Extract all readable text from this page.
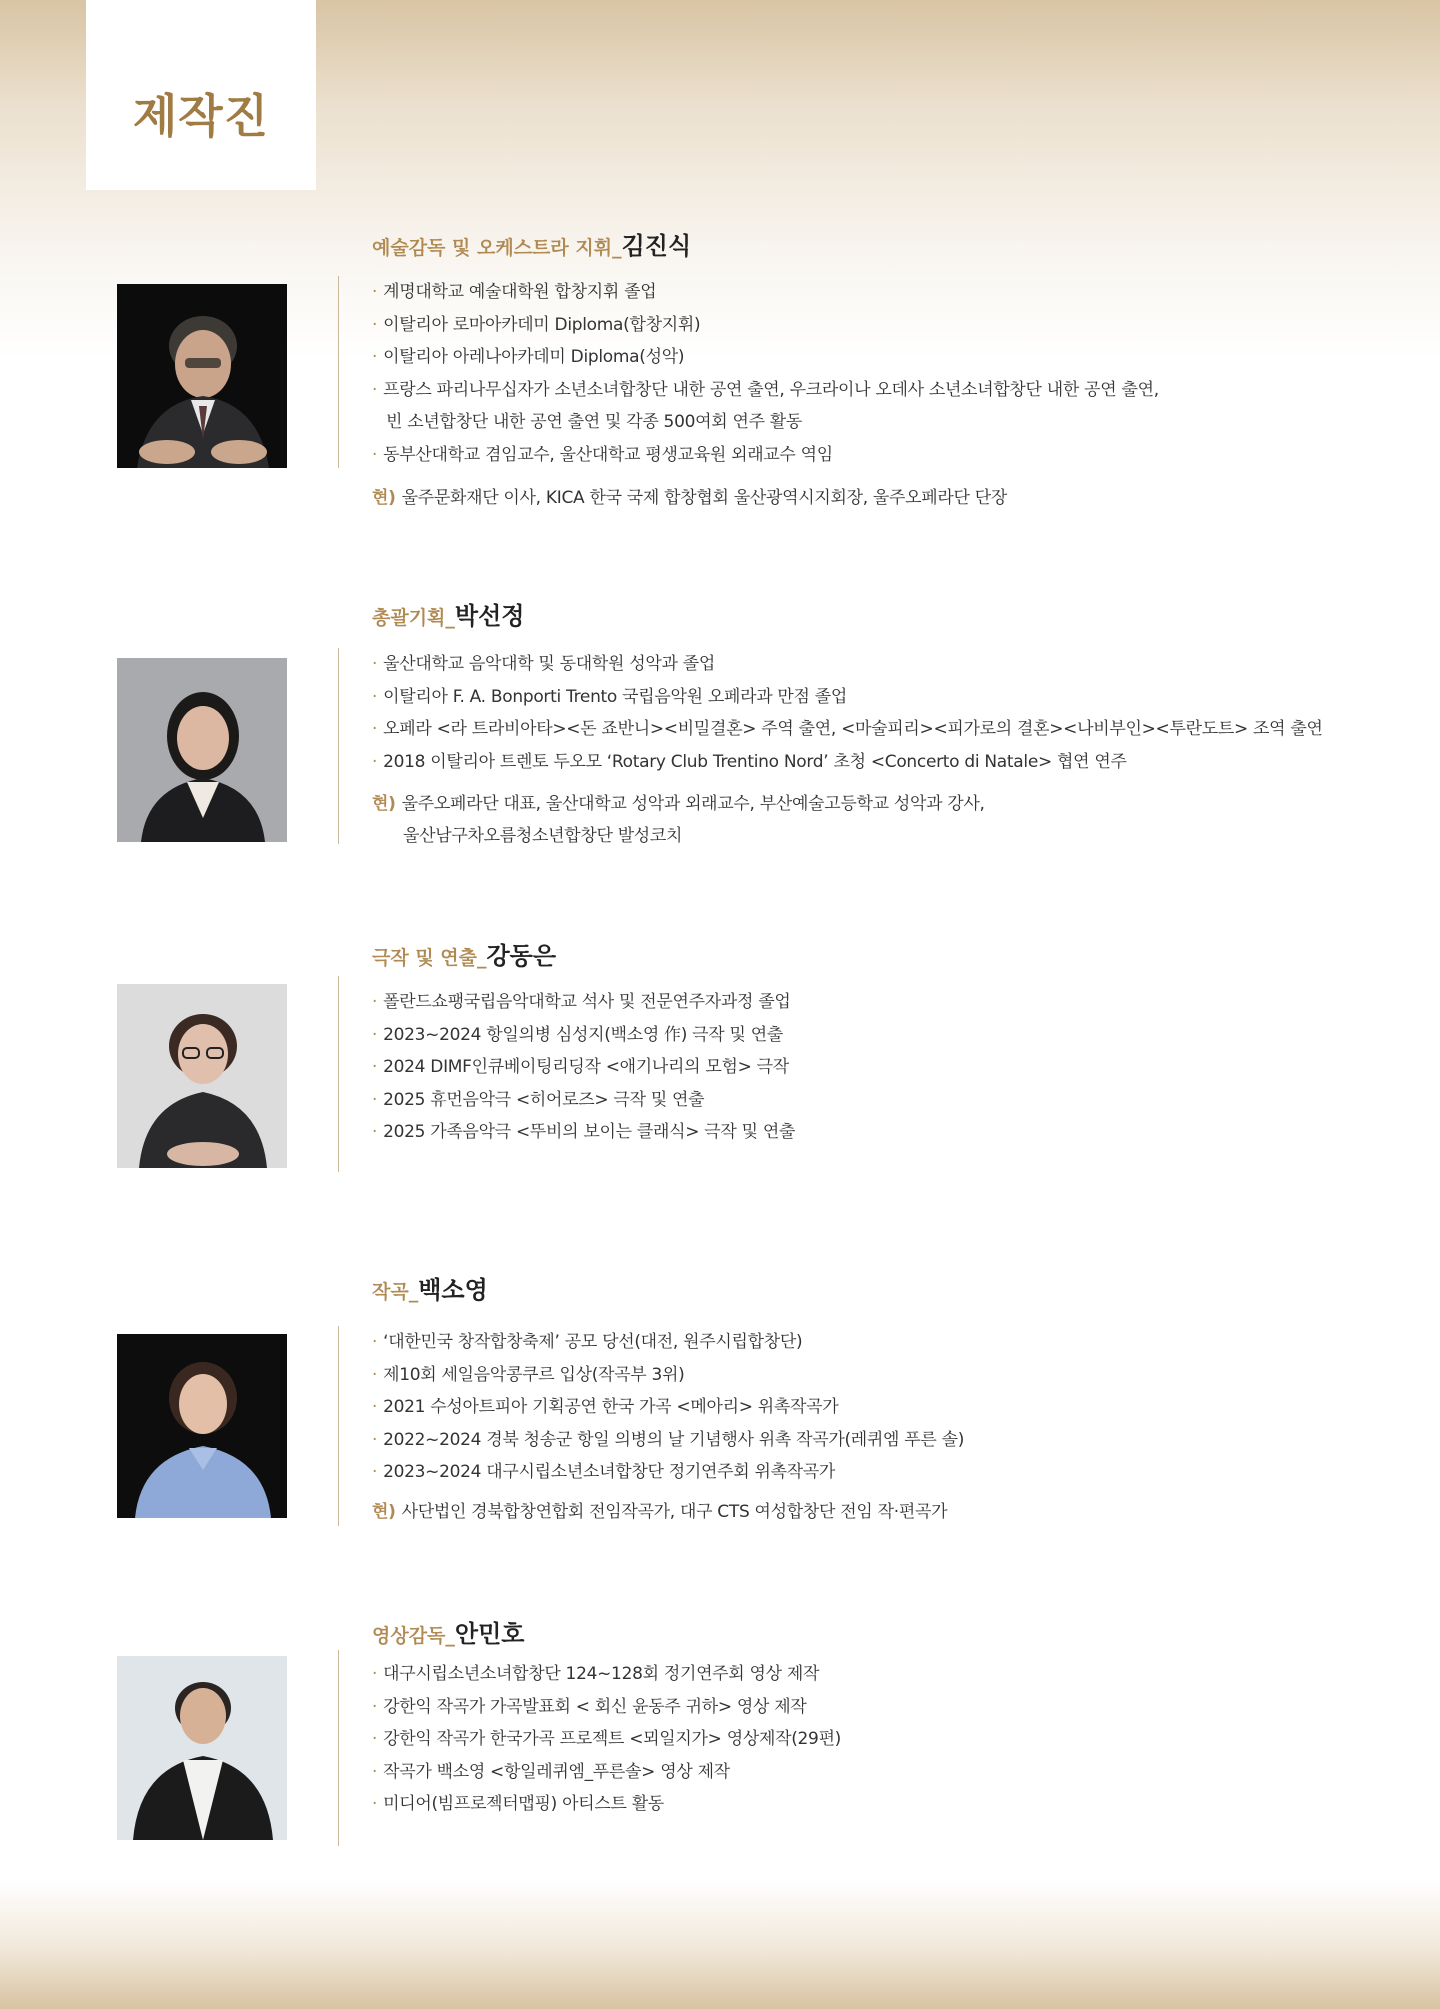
제작진
예술감독 및 오케스트라 지휘_김진식
· 계명대학교 예술대학원 합창지휘 졸업
· 이탈리아 로마아카데미 Diploma(합창지휘)
· 이탈리아 아레나아카데미 Diploma(성악)
· 프랑스 파리나무십자가 소년소녀합창단 내한 공연 출연, 우크라이나 오데사 소년소녀합창단 내한 공연 출연,
빈 소년합창단 내한 공연 출연 및 각종 500여회 연주 활동
· 동부산대학교 겸임교수, 울산대학교 평생교육원 외래교수 역임
현) 울주문화재단 이사, KICA 한국 국제 합창협회 울산광역시지회장, 울주오페라단 단장
총괄기획_박선정
· 울산대학교 음악대학 및 동대학원 성악과 졸업
· 이탈리아 F. A. Bonporti Trento 국립음악원 오페라과 만점 졸업
· 오페라 <라 트라비아타><돈 죠반니><비밀결혼> 주역 출연, <마술피리><피가로의 결혼><나비부인><투란도트> 조역 출연
· 2018 이탈리아 트렌토 두오모 ‘Rotary Club Trentino Nord’ 초청 <Concerto di Natale> 협연 연주
현) 울주오페라단 대표, 울산대학교 성악과 외래교수, 부산예술고등학교 성악과 강사,
울산남구차오름청소년합창단 발성코치
극작 및 연출_강동은
· 폴란드쇼팽국립음악대학교 석사 및 전문연주자과정 졸업
· 2023~2024 항일의병 심성지(백소영 作) 극작 및 연출
· 2024 DIMF인큐베이팅리딩작 <애기나리의 모험> 극작
· 2025 휴먼음악극 <히어로즈> 극작 및 연출
· 2025 가족음악극 <뚜비의 보이는 클래식> 극작 및 연출
작곡_백소영
· ‘대한민국 창작합창축제’ 공모 당선(대전, 원주시립합창단)
· 제10회 세일음악콩쿠르 입상(작곡부 3위)
· 2021 수성아트피아 기획공연 한국 가곡 <메아리> 위촉작곡가
· 2022~2024 경북 청송군 항일 의병의 날 기념행사 위촉 작곡가(레퀴엠 푸른 솔)
· 2023~2024 대구시립소년소녀합창단 정기연주회 위촉작곡가
현) 사단법인 경북합창연합회 전임작곡가, 대구 CTS 여성합창단 전임 작·편곡가
영상감독_안민호
· 대구시립소년소녀합창단 124~128회 정기연주회 영상 제작
· 강한익 작곡가 가곡발표회 < 회신 윤동주 귀하> 영상 제작
· 강한익 작곡가 한국가곡 프로젝트 <뫼일지가> 영상제작(29편)
· 작곡가 백소영 <항일레퀴엠_푸른솔> 영상 제작
· 미디어(빔프로젝터맵핑) 아티스트 활동
